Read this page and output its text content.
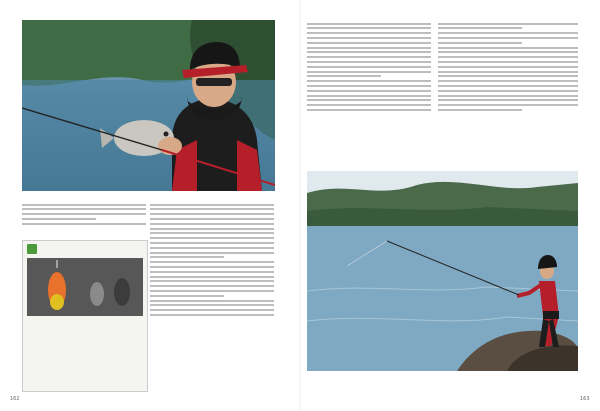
162	163
